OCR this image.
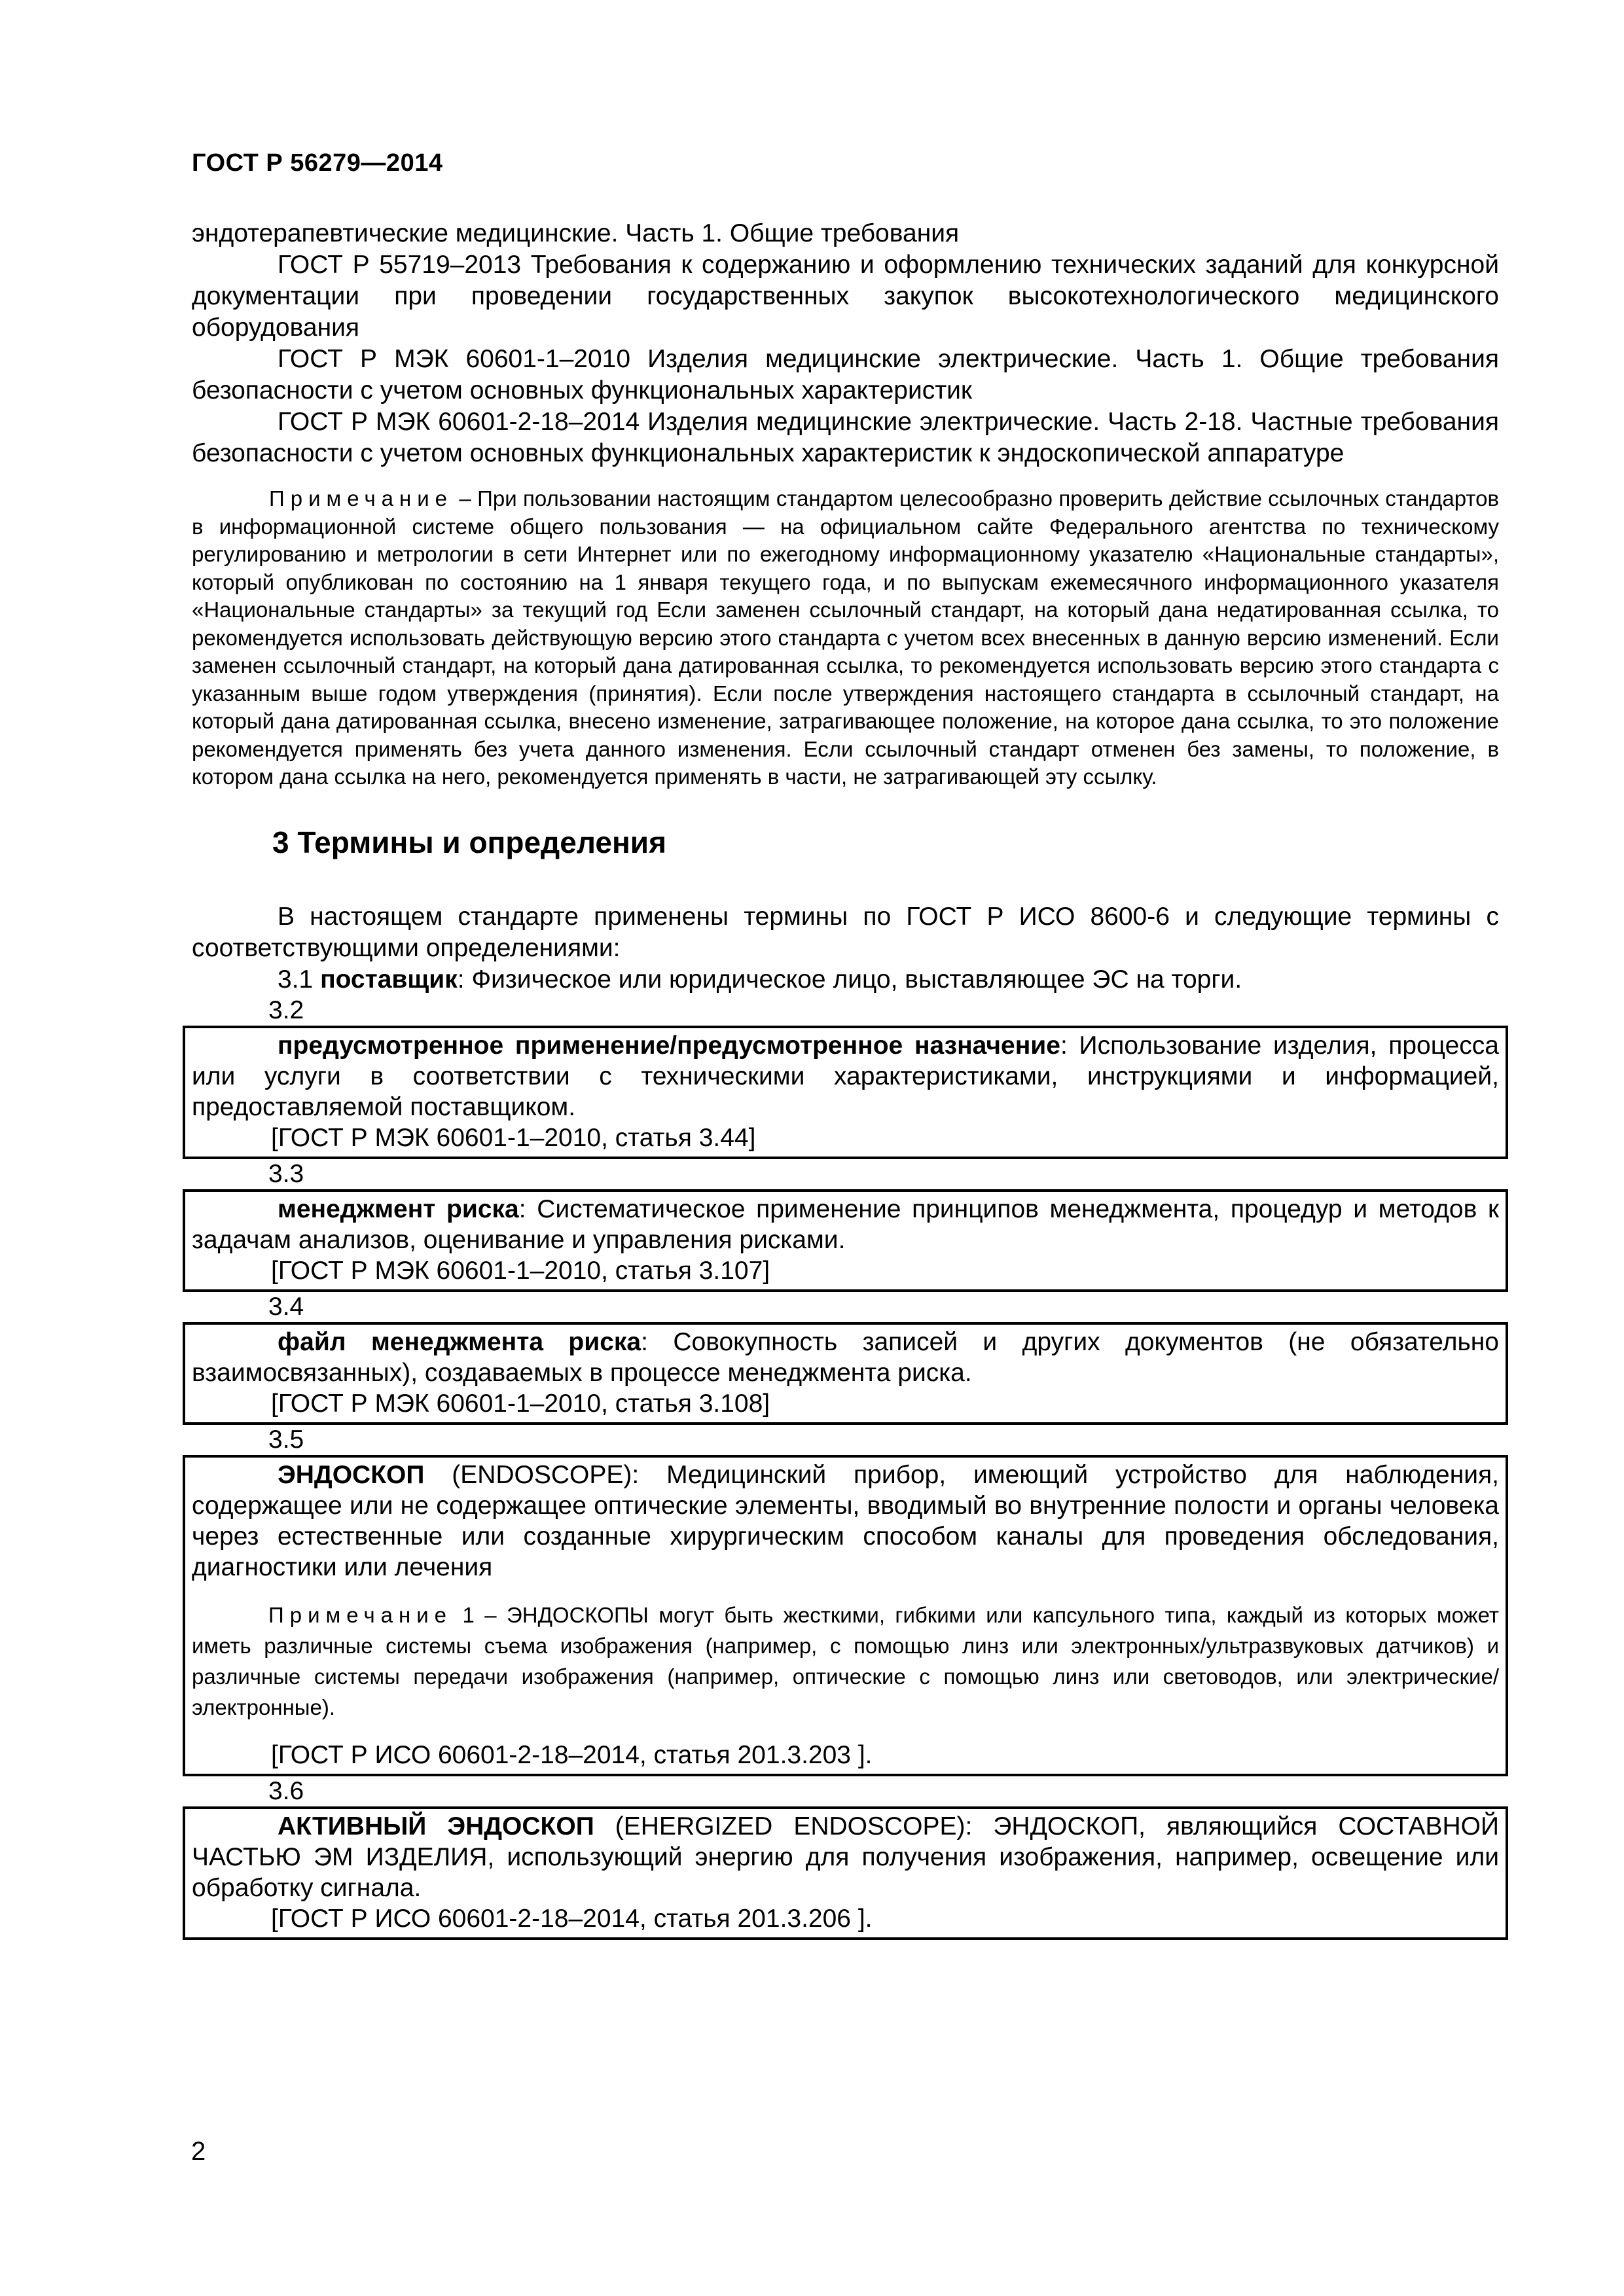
ГОСТ Р 56279—2014

эндотерапевтические медицинские. Часть 1. Общие требования

ГОСТ Р 55719–2013 Требования к содержанию и оформлению технических заданий для конкурсной документации при проведении государственных закупок высокотехнологического медицинского оборудования

ГОСТ Р МЭК 60601-1–2010 Изделия медицинские электрические. Часть 1. Общие требования безопасности с учетом основных функциональных характеристик

ГОСТ Р МЭК 60601-2-18–2014 Изделия медицинские электрические. Часть 2-18. Частные требования безопасности с учетом основных функциональных характеристик к эндоскопической аппаратуре

Примечание – При пользовании настоящим стандартом целесообразно проверить действие ссылочных стандартов в информационной системе общего пользования — на официальном сайте Федерального агентства по техническому регулированию и метрологии в сети Интернет или по ежегодному информационному указателю «Национальные стандарты», который опубликован по состоянию на 1 января текущего года, и по выпускам ежемесячного информационного указателя «Национальные стандарты» за текущий год Если заменен ссылочный стандарт, на который дана недатированная ссылка, то рекомендуется использовать действующую версию этого стандарта с учетом всех внесенных в данную версию изменений. Если заменен ссылочный стандарт, на который дана датированная ссылка, то рекомендуется использовать версию этого стандарта с указанным выше годом утверждения (принятия). Если после утверждения настоящего стандарта в ссылочный стандарт, на который дана датированная ссылка, внесено изменение, затрагивающее положение, на которое дана ссылка, то это положение рекомендуется применять без учета данного изменения. Если ссылочный стандарт отменен без замены, то положение, в котором дана ссылка на него, рекомендуется применять в части, не затрагивающей эту ссылку.

3 Термины и определения

В настоящем стандарте применены термины по ГОСТ Р ИСО 8600-6 и следующие термины с соответствующими определениями:

3.1 поставщик: Физическое или юридическое лицо, выставляющее ЭС на торги.

3.2

предусмотренное применение/предусмотренное назначение: Использование изделия, процесса или услуги в соответствии с техническими характеристиками, инструкциями и информацией, предоставляемой поставщиком.

[ГОСТ Р МЭК 60601-1–2010, статья 3.44]

3.3

менеджмент риска: Систематическое применение принципов менеджмента, процедур и методов к задачам анализов, оценивание и управления рисками.

[ГОСТ Р МЭК 60601-1–2010, статья 3.107]

3.4

файл менеджмента риска: Совокупность записей и других документов (не обязательно взаимосвязанных), создаваемых в процессе менеджмента риска.

[ГОСТ Р МЭК 60601-1–2010, статья 3.108]

3.5

ЭНДОСКОП (ENDOSCOPE): Медицинский прибор, имеющий устройство для наблюдения, содержащее или не содержащее оптические элементы, вводимый во внутренние полости и органы человека через естественные или созданные хирургическим способом каналы для проведения обследования, диагностики или лечения

Примечание 1 – ЭНДОСКОПЫ могут быть жесткими, гибкими или капсульного типа, каждый из которых может иметь различные системы съема изображения (например, с помощью линз или электронных/ультразвуковых датчиков) и различные системы передачи изображения (например, оптические с помощью линз или световодов, или электрические/электронные).

[ГОСТ Р ИСО 60601-2-18–2014, статья 201.3.203 ].

3.6

АКТИВНЫЙ ЭНДОСКОП (EHERGIZED ENDOSCOPE): ЭНДОСКОП, являющийся СОСТАВНОЙ ЧАСТЬЮ ЭМ ИЗДЕЛИЯ, использующий энергию для получения изображения, например, освещение или обработку сигнала.

[ГОСТ Р ИСО 60601-2-18–2014, статья 201.3.206 ].

2
